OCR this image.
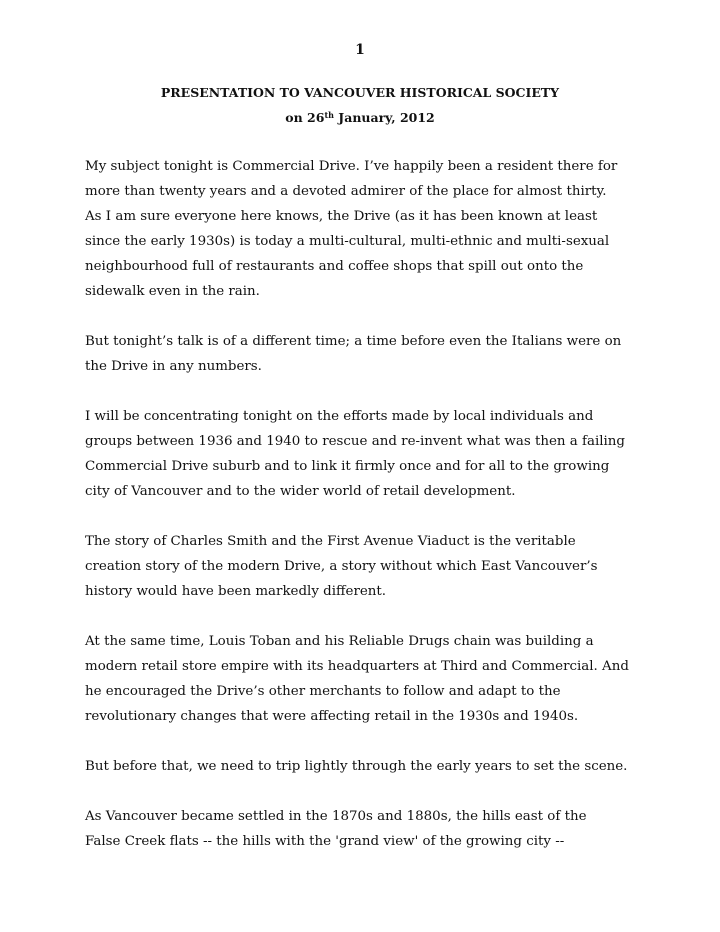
1
PRESENTATION TO VANCOUVER HISTORICAL SOCIETY
on 26th January, 2012

My subject tonight is Commercial Drive. I’ve happily been a resident there for
more than twenty years and a devoted admirer of the place for almost thirty.
As I am sure everyone here knows, the Drive (as it has been known at least
since the early 1930s) is today a multi-cultural, multi-ethnic and multi-sexual
neighbourhood full of restaurants and coffee shops that spill out onto the
sidewalk even in the rain.

But tonight’s talk is of a different time; a time before even the Italians were on
the Drive in any numbers.

I will be concentrating tonight on the efforts made by local individuals and
groups between 1936 and 1940 to rescue and re-invent what was then a failing
Commercial Drive suburb and to link it firmly once and for all to the growing
city of Vancouver and to the wider world of retail development.

The story of Charles Smith and the First Avenue Viaduct is the veritable
creation story of the modern Drive, a story without which East Vancouver’s
history would have been markedly different.

At the same time, Louis Toban and his Reliable Drugs chain was building a
modern retail store empire with its headquarters at Third and Commercial. And
he encouraged the Drive’s other merchants to follow and adapt to the
revolutionary changes that were affecting retail in the 1930s and 1940s.

But before that, we need to trip lightly through the early years to set the scene.

As Vancouver became settled in the 1870s and 1880s, the hills east of the
False Creek flats -- the hills with the 'grand view' of the growing city --
